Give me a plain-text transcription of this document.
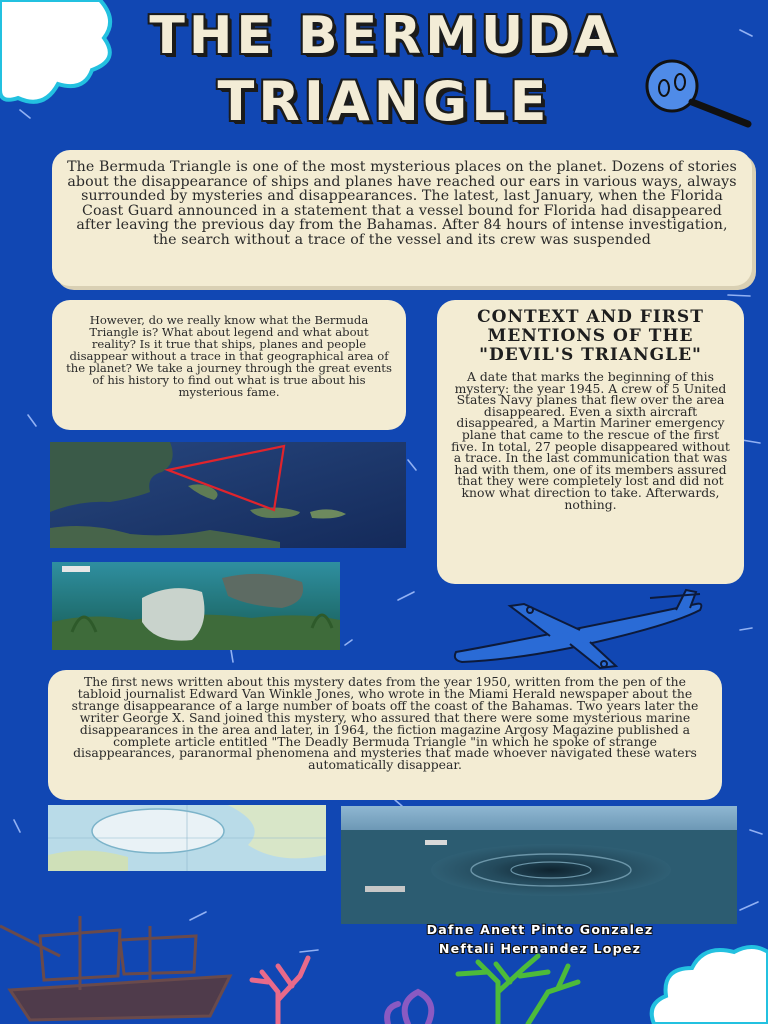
THE BERMUDA
TRIANGLE
The Bermuda Triangle is one of the most mysterious places on the planet. Dozens of stories about the disappearance of ships and planes have reached our ears in various ways, always surrounded by mysteries and disappearances. The latest, last January, when the Florida Coast Guard announced in a statement that a vessel bound for Florida had disappeared after leaving the previous day from the Bahamas. After 84 hours of intense investigation, the search without a trace of the vessel and its crew was suspended
However, do we really know what the Bermuda Triangle is? What about legend and what about reality? Is it true that ships, planes and people disappear without a trace in that geographical area of the planet? We take a journey through the great events of his history to find out what is true about his mysterious fame.
CONTEXT AND FIRST MENTIONS OF THE "DEVIL'S TRIANGLE"
A date that marks the beginning of this mystery: the year 1945. A crew of 5 United States Navy planes that flew over the area disappeared. Even a sixth aircraft disappeared, a Martin Mariner emergency plane that came to the rescue of the first five. In total, 27 people disappeared without a trace. In the last communication that was had with them, one of its members assured that they were completely lost and did not know what direction to take. Afterwards, nothing.
The first news written about this mystery dates from the year 1950, written from the pen of the tabloid journalist Edward Van Winkle Jones, who wrote in the Miami Herald newspaper about the strange disappearance of a large number of boats off the coast of the Bahamas. Two years later the writer George X. Sand joined this mystery, who assured that there were some mysterious marine disappearances in the area and later, in 1964, the fiction magazine Argosy Magazine published a complete article entitled "The Deadly Bermuda Triangle "in which he spoke of strange disappearances, paranormal phenomena and mysteries that made whoever navigated these waters automatically disappear.
Dafne Anett Pinto Gonzalez
Neftali Hernandez Lopez
